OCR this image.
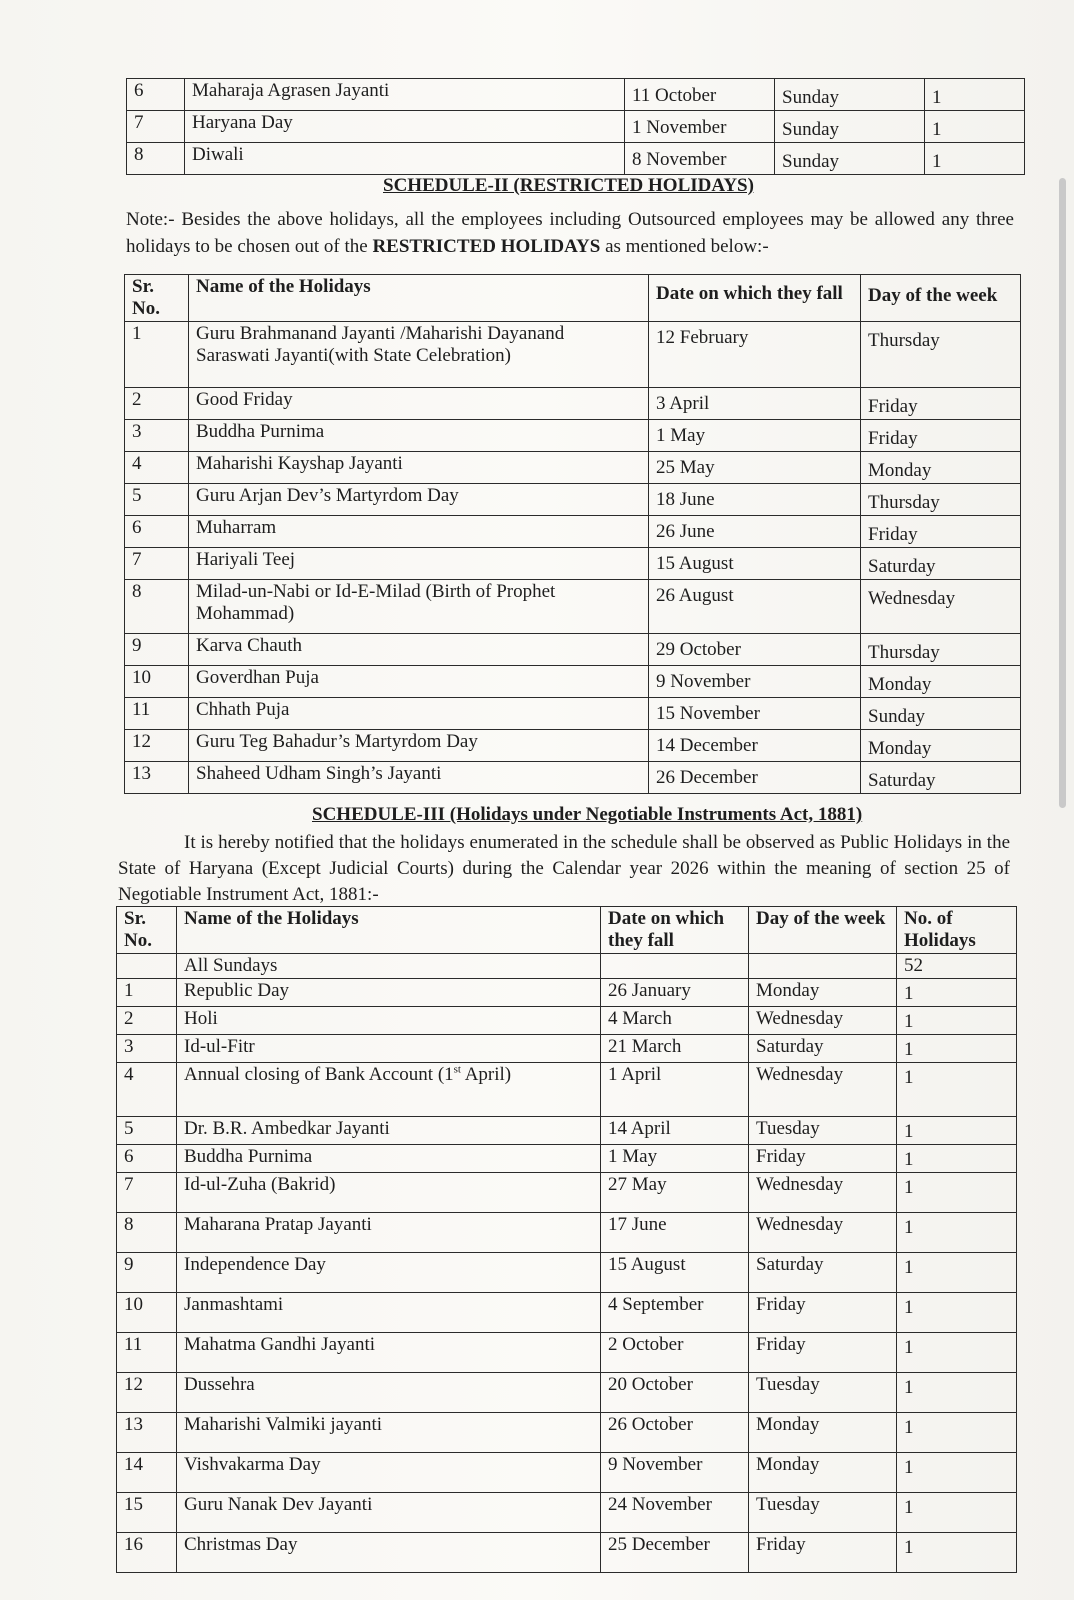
6	Maharaja Agrasen Jayanti	11 October	Sunday	1
7	Haryana Day	1 November	Sunday	1
8	Diwali	8 November	Sunday	1
SCHEDULE-II (RESTRICTED HOLIDAYS)
Note:- Besides the above holidays, all the employees including Outsourced employees may be allowed any three holidays to be chosen out of the RESTRICTED HOLIDAYS as mentioned below:-
Sr. No.	Name of the Holidays	Date on which they fall	Day of the week
1	Guru Brahmanand Jayanti /Maharishi Dayanand Saraswati Jayanti(with State Celebration)	12 February	Thursday
2	Good Friday	3 April	Friday
3	Buddha Purnima	1 May	Friday
4	Maharishi Kayshap Jayanti	25 May	Monday
5	Guru Arjan Dev’s Martyrdom Day	18 June	Thursday
6	Muharram	26 June	Friday
7	Hariyali Teej	15 August	Saturday
8	Milad-un-Nabi or Id-E-Milad (Birth of Prophet Mohammad)	26 August	Wednesday
9	Karva Chauth	29 October	Thursday
10	Goverdhan Puja	9 November	Monday
11	Chhath Puja	15 November	Sunday
12	Guru Teg Bahadur’s Martyrdom Day	14 December	Monday
13	Shaheed Udham Singh’s Jayanti	26 December	Saturday
SCHEDULE-III (Holidays under Negotiable Instruments Act, 1881)
It is hereby notified that the holidays enumerated in the schedule shall be observed as Public Holidays in the State of Haryana (Except Judicial Courts) during the Calendar year 2026 within the meaning of section 25 of Negotiable Instrument Act, 1881:-
Sr. No.	Name of the Holidays	Date on which they fall	Day of the week	No. of Holidays
	All Sundays			52
1	Republic Day	26 January	Monday	1
2	Holi	4 March	Wednesday	1
3	Id-ul-Fitr	21 March	Saturday	1
4	Annual closing of Bank Account (1st April)	1 April	Wednesday	1
5	Dr. B.R. Ambedkar Jayanti	14 April	Tuesday	1
6	Buddha Purnima	1 May	Friday	1
7	Id-ul-Zuha (Bakrid)	27 May	Wednesday	1
8	Maharana Pratap Jayanti	17 June	Wednesday	1
9	Independence Day	15 August	Saturday	1
10	Janmashtami	4 September	Friday	1
11	Mahatma Gandhi Jayanti	2 October	Friday	1
12	Dussehra	20 October	Tuesday	1
13	Maharishi Valmiki jayanti	26 October	Monday	1
14	Vishvakarma Day	9 November	Monday	1
15	Guru Nanak Dev Jayanti	24 November	Tuesday	1
16	Christmas Day	25 December	Friday	1
